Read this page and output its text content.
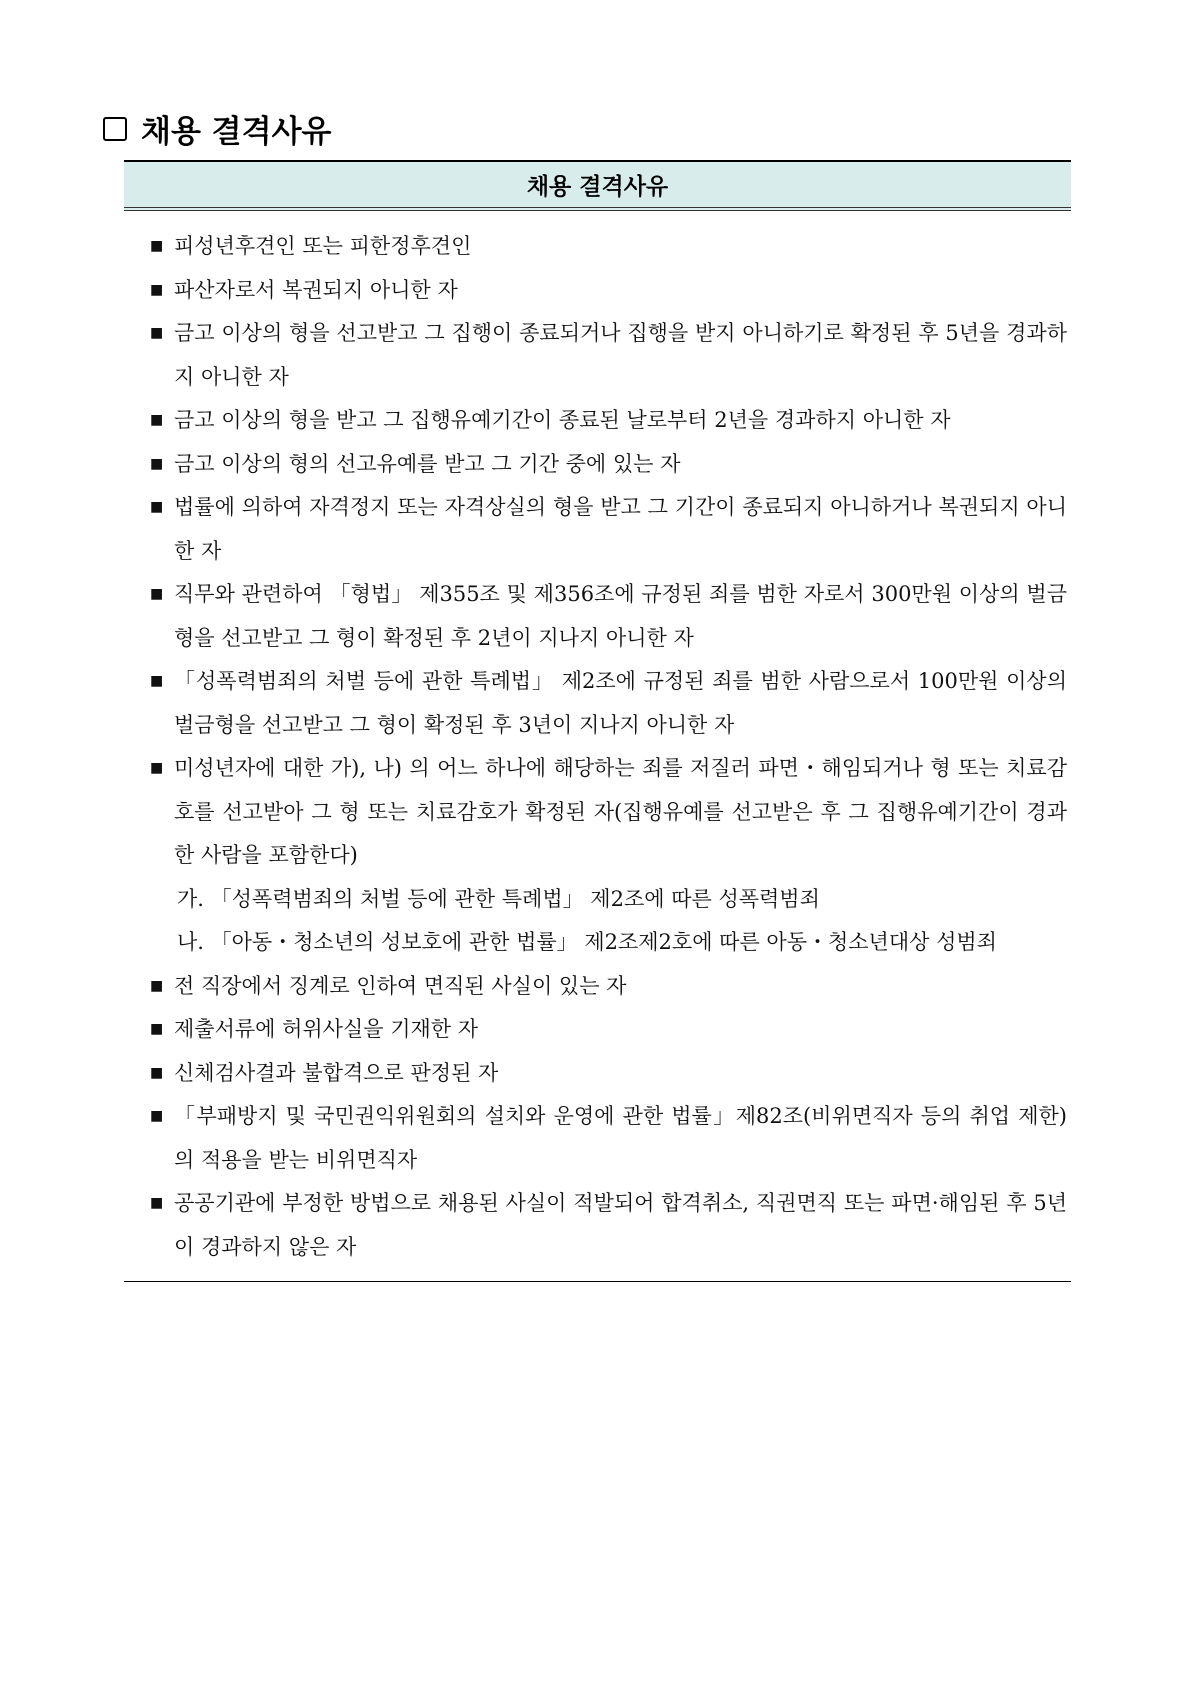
채용 결격사유
채용 결격사유
■ 피성년후견인 또는 피한정후견인
■ 파산자로서 복권되지 아니한 자
■ 금고 이상의 형을 선고받고 그 집행이 종료되거나 집행을 받지 아니하기로 확정된 후 5년을 경과하지 아니한 자
■ 금고 이상의 형을 받고 그 집행유예기간이 종료된 날로부터 2년을 경과하지 아니한 자
■ 금고 이상의 형의 선고유예를 받고 그 기간 중에 있는 자
■ 법률에 의하여 자격정지 또는 자격상실의 형을 받고 그 기간이 종료되지 아니하거나 복권되지 아니한 자
■ 직무와 관련하여 「형법」 제355조 및 제356조에 규정된 죄를 범한 자로서 300만원 이상의 벌금형을 선고받고 그 형이 확정된 후 2년이 지나지 아니한 자
■ 「성폭력범죄의 처벌 등에 관한 특례법」 제2조에 규정된 죄를 범한 사람으로서 100만원 이상의 벌금형을 선고받고 그 형이 확정된 후 3년이 지나지 아니한 자
■ 미성년자에 대한 가), 나) 의 어느 하나에 해당하는 죄를 저질러 파면・해임되거나 형 또는 치료감호를 선고받아 그 형 또는 치료감호가 확정된 자(집행유예를 선고받은 후 그 집행유예기간이 경과한 사람을 포함한다)
가. 「성폭력범죄의 처벌 등에 관한 특례법」 제2조에 따른 성폭력범죄
나. 「아동・청소년의 성보호에 관한 법률」 제2조제2호에 따른 아동・청소년대상 성범죄
■ 전 직장에서 징계로 인하여 면직된 사실이 있는 자
■ 제출서류에 허위사실을 기재한 자
■ 신체검사결과 불합격으로 판정된 자
■ 「부패방지 및 국민권익위원회의 설치와 운영에 관한 법률」제82조(비위면직자 등의 취업 제한)의 적용을 받는 비위면직자
■ 공공기관에 부정한 방법으로 채용된 사실이 적발되어 합격취소, 직권면직 또는 파면·해임된 후 5년이 경과하지 않은 자
